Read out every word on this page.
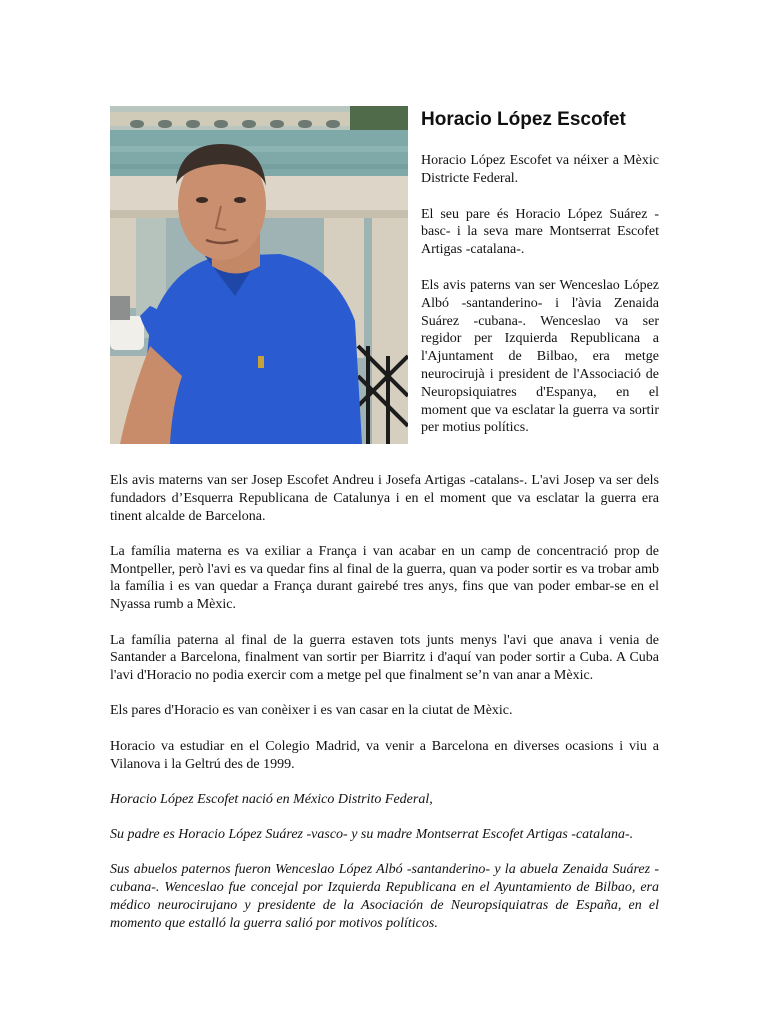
Horacio López Escofet

Horacio López Escofet va néixer a Mèxic Districte Federal.

El seu pare és Horacio López Suárez -basc- i la seva mare Montserrat Escofet Artigas -catalana-.

Els avis paterns van ser Wenceslao López Albó -santanderino- i l'àvia Zenaida Suárez -cubana-. Wenceslao va ser regidor per Izquierda Republicana a l'Ajuntament de Bilbao, era metge neurocirujà i president de l'Associació de Neuropsiquiatres d'Espanya, en el moment que va esclatar la guerra va sortir per motius polítics.

Els avis materns van ser Josep Escofet Andreu i Josefa Artigas -catalans-. L'avi Josep va ser dels fundadors d’Esquerra Republicana de Catalunya i en el moment que va esclatar la guerra era tinent alcalde de Barcelona.

La família materna es va exiliar a França i van acabar en un camp de concentració prop de Montpeller, però l'avi es va quedar fins al final de la guerra, quan va poder sortir es va trobar amb la família i es van quedar a França durant gairebé tres anys, fins que van poder embar-se en el Nyassa rumb a Mèxic.

La família paterna al final de la guerra estaven tots junts menys l'avi que anava i venia de Santander a Barcelona, finalment van sortir per Biarritz i d'aquí van poder sortir a Cuba. A Cuba l'avi d'Horacio no podia exercir com a metge pel que finalment se’n van anar a Mèxic.

Els pares d'Horacio es van conèixer i es van casar en la ciutat de Mèxic.

Horacio va estudiar en el Colegio Madrid, va venir a Barcelona en diverses ocasions i viu a Vilanova i la Geltrú des de 1999.

Horacio López Escofet nació en México Distrito Federal,

Su padre es Horacio López Suárez -vasco- y su madre Montserrat Escofet Artigas -catalana-.

Sus abuelos paternos fueron Wenceslao López Albó -santanderino- y la abuela Zenaida Suárez -cubana-. Wenceslao fue concejal por Izquierda Republicana en el Ayuntamiento de Bilbao, era médico neurocirujano y presidente de la Asociación de Neuropsiquiatras de España, en el momento que estalló la guerra salió por motivos políticos.
